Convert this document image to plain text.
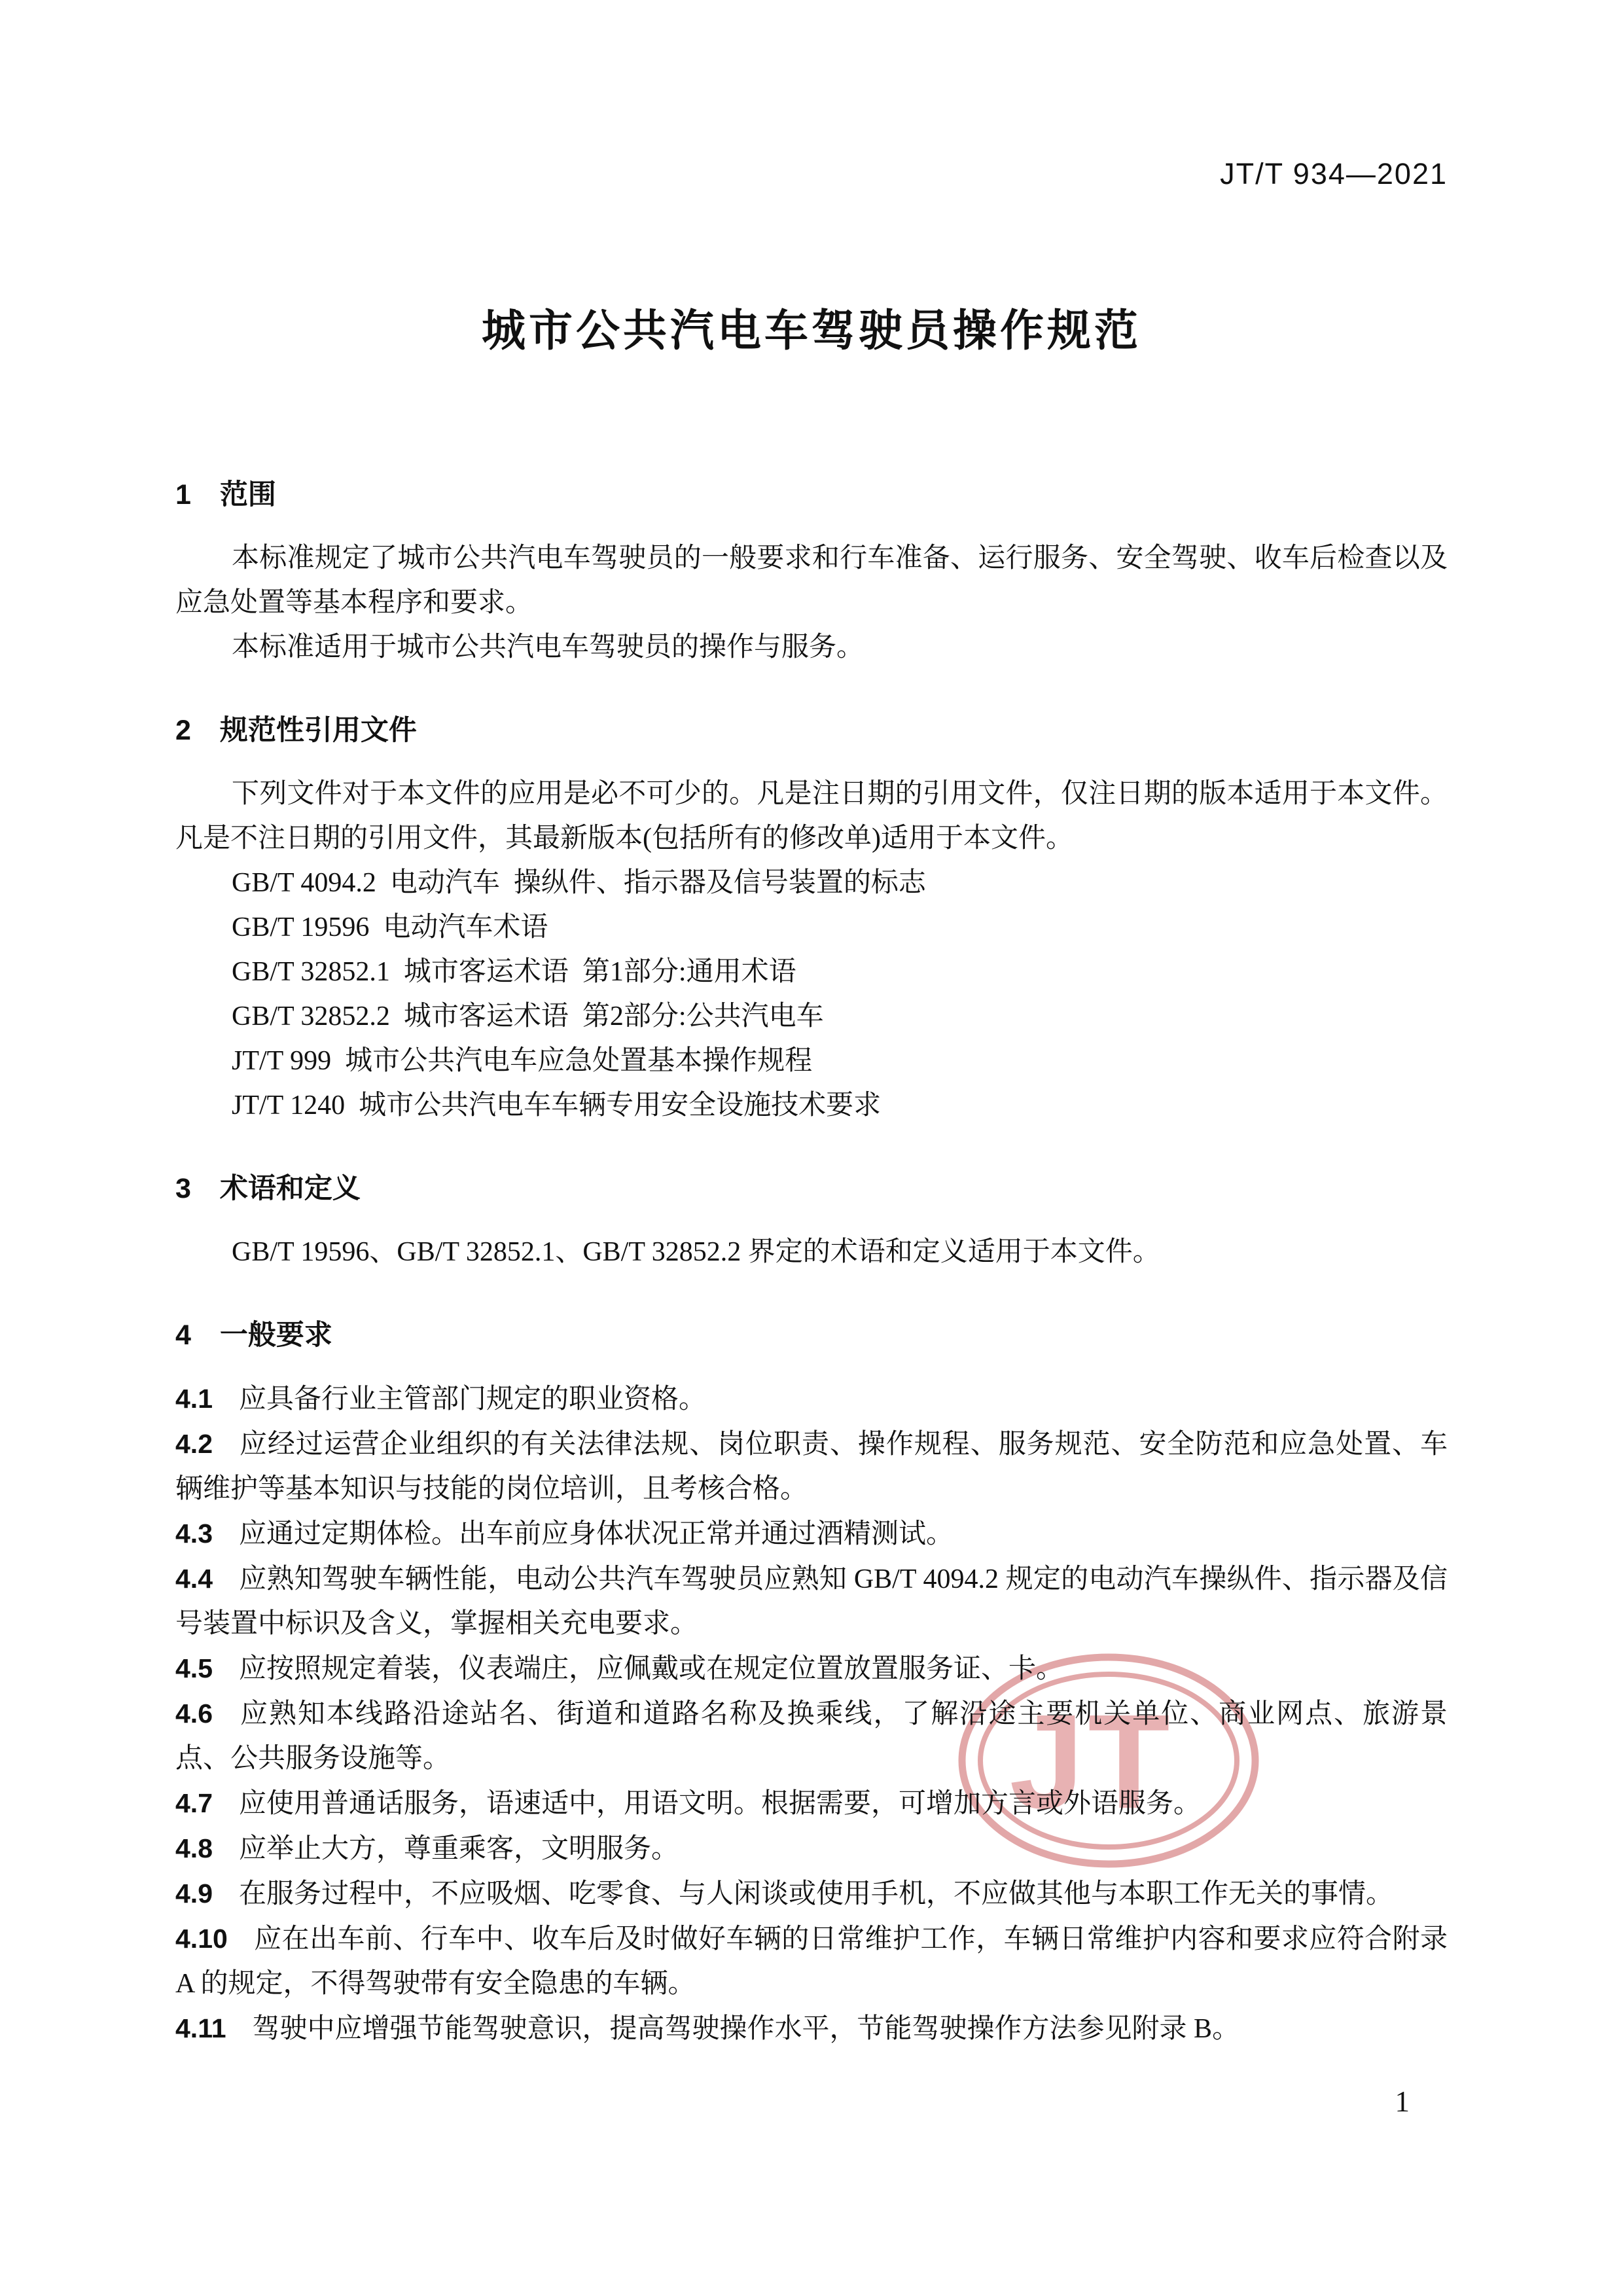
JT
JT/T 934—2021
城市公共汽电车驾驶员操作规范
1 范围

本标准规定了城市公共汽电车驾驶员的一般要求和行车准备、运行服务、安全驾驶、收车后检查以及应急处置等基本程序和要求。

本标准适用于城市公共汽电车驾驶员的操作与服务。

2 规范性引用文件

下列文件对于本文件的应用是必不可少的。凡是注日期的引用文件，仅注日期的版本适用于本文件。凡是不注日期的引用文件，其最新版本(包括所有的修改单)适用于本文件。

GB/T 4094.2  电动汽车  操纵件、指示器及信号装置的标志

GB/T 19596  电动汽车术语

GB/T 32852.1  城市客运术语  第1部分:通用术语

GB/T 32852.2  城市客运术语  第2部分:公共汽电车

JT/T 999  城市公共汽电车应急处置基本操作规程

JT/T 1240  城市公共汽电车车辆专用安全设施技术要求

3 术语和定义

GB/T 19596、GB/T 32852.1、GB/T 32852.2 界定的术语和定义适用于本文件。

4 一般要求

4.1 应具备行业主管部门规定的职业资格。

4.2 应经过运营企业组织的有关法律法规、岗位职责、操作规程、服务规范、安全防范和应急处置、车辆维护等基本知识与技能的岗位培训，且考核合格。

4.3 应通过定期体检。出车前应身体状况正常并通过酒精测试。

4.4 应熟知驾驶车辆性能，电动公共汽车驾驶员应熟知 GB/T 4094.2 规定的电动汽车操纵件、指示器及信号装置中标识及含义，掌握相关充电要求。

4.5 应按照规定着装，仪表端庄，应佩戴或在规定位置放置服务证、卡。

4.6 应熟知本线路沿途站名、街道和道路名称及换乘线，了解沿途主要机关单位、商业网点、旅游景点、公共服务设施等。

4.7 应使用普通话服务，语速适中，用语文明。根据需要，可增加方言或外语服务。

4.8 应举止大方，尊重乘客，文明服务。

4.9 在服务过程中，不应吸烟、吃零食、与人闲谈或使用手机，不应做其他与本职工作无关的事情。

4.10 应在出车前、行车中、收车后及时做好车辆的日常维护工作，车辆日常维护内容和要求应符合附录 A 的规定，不得驾驶带有安全隐患的车辆。

4.11 驾驶中应增强节能驾驶意识，提高驾驶操作水平，节能驾驶操作方法参见附录 B。

1
